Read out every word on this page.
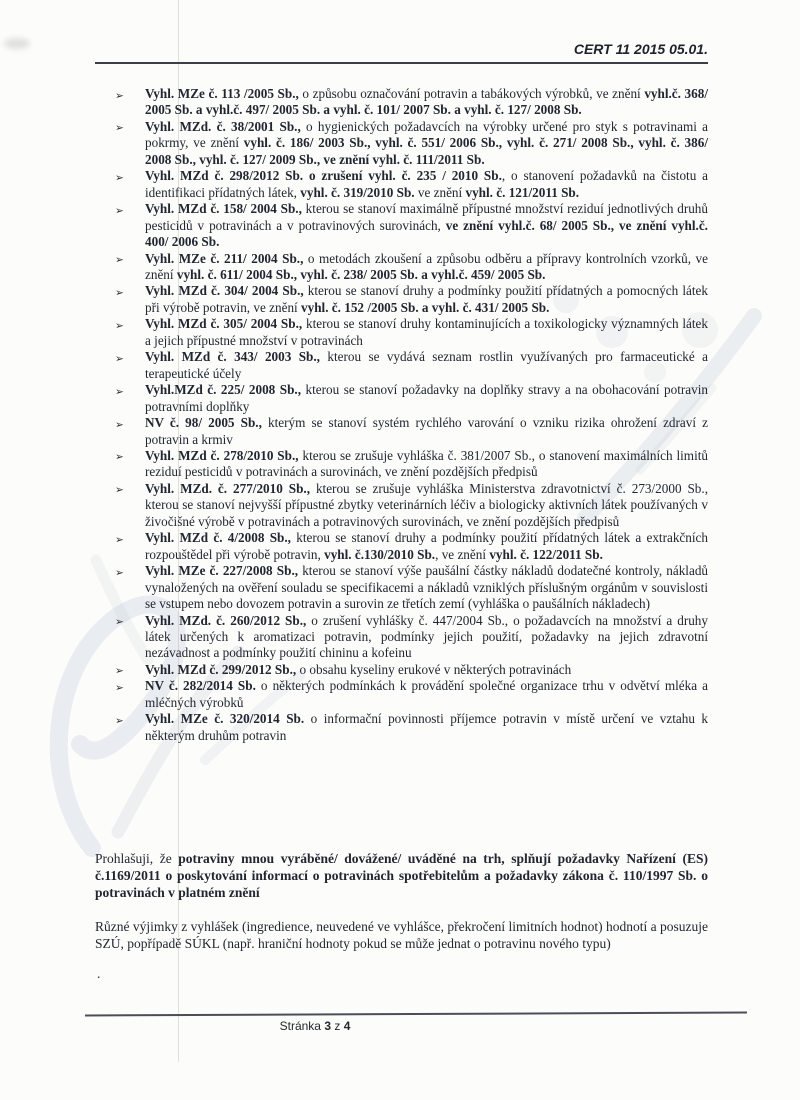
CERT 11 2015 05.01.
➢ Vyhl. MZe č. 113 /2005 Sb., o způsobu označování potravin a tabákových výrobků, ve znění vyhl.č. 368/ 2005 Sb. a vyhl.č. 497/ 2005 Sb. a vyhl. č. 101/ 2007 Sb. a vyhl. č. 127/ 2008 Sb.
➢ Vyhl. MZd. č. 38/2001 Sb., o hygienických požadavcích na výrobky určené pro styk s potravinami a pokrmy, ve znění vyhl. č. 186/ 2003 Sb., vyhl. č. 551/ 2006 Sb., vyhl. č. 271/ 2008 Sb., vyhl. č. 386/ 2008 Sb., vyhl. č. 127/ 2009 Sb., ve znění vyhl. č. 111/2011 Sb.
➢ Vyhl. MZd č. 298/2012 Sb. o zrušení vyhl. č. 235 / 2010 Sb., o stanovení požadavků na čistotu a identifikaci přídatných látek, vyhl. č. 319/2010 Sb. ve znění vyhl. č. 121/2011 Sb.
➢ Vyhl. MZd č. 158/ 2004 Sb., kterou se stanoví maximálně přípustné množství reziduí jednotlivých druhů pesticidů v potravinách a v potravinových surovinách, ve znění vyhl.č. 68/ 2005 Sb., ve znění vyhl.č. 400/ 2006 Sb.
➢ Vyhl. MZe č. 211/ 2004 Sb., o metodách zkoušení a způsobu odběru a přípravy kontrolních vzorků, ve znění vyhl. č. 611/ 2004 Sb., vyhl. č. 238/ 2005 Sb. a vyhl.č. 459/ 2005 Sb.
➢ Vyhl. MZd č. 304/ 2004 Sb., kterou se stanoví druhy a podmínky použití přídatných a pomocných látek při výrobě potravin, ve znění vyhl. č. 152 /2005 Sb. a vyhl. č. 431/ 2005 Sb.
➢ Vyhl. MZd č. 305/ 2004 Sb., kterou se stanoví druhy kontaminujících a toxikologicky významných látek a jejich přípustné množství v potravinách
➢ Vyhl. MZd č. 343/ 2003 Sb., kterou se vydává seznam rostlin využívaných pro farmaceutické a terapeutické účely
➢ Vyhl.MZd č. 225/ 2008 Sb., kterou se stanoví požadavky na doplňky stravy a na obohacování potravin potravními doplňky
➢ NV č. 98/ 2005 Sb., kterým se stanoví systém rychlého varování o vzniku rizika ohrožení zdraví z potravin a krmiv
➢ Vyhl. MZd č. 278/2010 Sb., kterou se zrušuje vyhláška č. 381/2007 Sb., o stanovení maximálních limitů reziduí pesticidů v potravinách a surovinách, ve znění pozdějších předpisů
➢ Vyhl. MZd. č. 277/2010 Sb., kterou se zrušuje vyhláška Ministerstva zdravotnictví č. 273/2000 Sb., kterou se stanoví nejvyšší přípustné zbytky veterinárních léčiv a biologicky aktivních látek používaných v živočišné výrobě v potravinách a potravinových surovinách, ve znění pozdějších předpisů
➢ Vyhl. MZd č. 4/2008 Sb., kterou se stanoví druhy a podmínky použití přídatných látek a extrakčních rozpouštědel při výrobě potravin, vyhl. č.130/2010 Sb., ve znění vyhl. č. 122/2011 Sb.
➢ Vyhl. MZe č. 227/2008 Sb., kterou se stanoví výše paušální částky nákladů dodatečné kontroly, nákladů vynaložených na ověření souladu se specifikacemi a nákladů vzniklých příslušným orgánům v souvislosti se vstupem nebo dovozem potravin a surovin ze třetích zemí (vyhláška o paušálních nákladech)
➢ Vyhl. MZd. č. 260/2012 Sb., o zrušení vyhlášky č. 447/2004 Sb., o požadavcích na množství a druhy látek určených k aromatizaci potravin, podmínky jejich použití, požadavky na jejich zdravotní nezávadnost a podmínky použití chininu a kofeinu
➢ Vyhl. MZd č. 299/2012 Sb., o obsahu kyseliny erukové v některých potravinách
➢ NV č. 282/2014 Sb. o některých podmínkách k provádění společné organizace trhu v odvětví mléka a mléčných výrobků
➢ Vyhl. MZe č. 320/2014 Sb. o informační povinnosti příjemce potravin v místě určení ve vztahu k některým druhům potravin

Prohlašuji, že potraviny mnou vyráběné/ dovážené/ uváděné na trh, splňují požadavky Nařízení (ES) č.1169/2011 o poskytování informací o potravinách spotřebitelům a požadavky zákona č. 110/1997 Sb. o potravinách v platném znění

Různé výjimky z vyhlášek (ingredience, neuvedené ve vyhlášce, překročení limitních hodnot) hodnotí a posuzuje SZÚ, popřípadě SÚKL (např. hraniční hodnoty pokud se může jednat o potravinu nového typu)

.
Stránka 3 z 4
